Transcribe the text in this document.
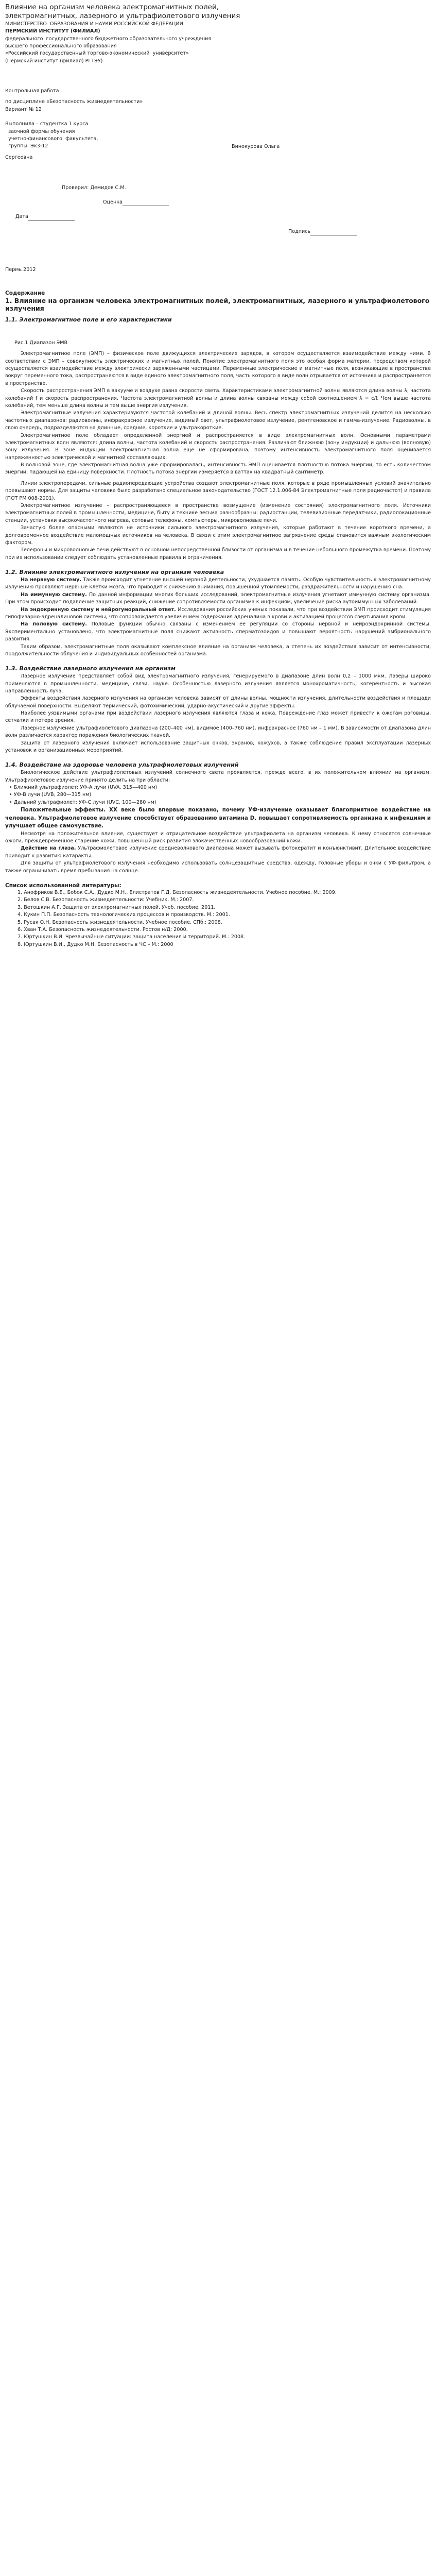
Влияние на организм человека электромагнитных полей,

электромагнитных, лазерного и ультрафиолетового излучения

МИНИСТЕРСТВО  ОБРАЗОВАНИЯ И НАУКИ РОССИЙСКОЙ ФЕДЕРАЦИИ

ПЕРМСКИЙ ИНСТИТУТ (ФИЛИАЛ)

федерального  государственного бюджетного образовательного учреждения

высшего профессионального образования

«Российский государственный торгово-экономический  университет»

(Пермский институт (филиал) РГТЭУ)

Контрольная работа

по дисциплине «Безопасность жизнедеятельности»

Вариант № 12

Выполнила – студентка 1 курса

заочной формы обучения

учетно-финансового  факультета,

группы  Эк3-12	Винокурова Ольга

Сергеевна

Проверил: Демидов С.М.

Оценка

Дата

Подпись

Пермь 2012

Содержание

1. Влияние на организм человека электромагнитных полей, электромагнитных, лазерного и ультрафиолетового излучения

1.1. Электромагнитное поле и его характеристики

Рис.1 Диапазон ЭМВ

Электромагнитное поле (ЭМП) – физическое поле движущихся электрических зарядов, в котором осуществляется взаимодействие между ними. В соответствии с ЭМП – совокупность электрических и магнитных полей. Понятие электромагнитного поля это особая форма материи, посредством которой осуществляется взаимодействие между электрически заряженными частицами. Переменные электрические и магнитные поля, возникающие в пространстве вокруг переменного тока, распространяются в виде единого электромагнитного поля, часть которого в виде волн отрывается от источника и распространяется в пространстве.

Скорость распространения ЭМП в вакууме и воздухе равна скорости света. Характеристиками электромагнитной волны являются длина волны λ, частота колебаний f и скорость распространения. Частота электромагнитной волны и длина волны связаны между собой соотношением λ = c/f. Чем выше частота колебаний, тем меньше длина волны и тем выше энергия излучения.

Электромагнитные излучения характеризуются частотой колебаний и длиной волны. Весь спектр электромагнитных излучений делится на несколько частотных диапазонов: радиоволны, инфракрасное излучение, видимый свет, ультрафиолетовое излучение, рентгеновское и гамма-излучение. Радиоволны, в свою очередь, подразделяются на длинные, средние, короткие и ультракороткие.

Электромагнитное поле обладает определенной энергией и распространяется в виде электромагнитных волн. Основными параметрами электромагнитных волн являются: длина волны, частота колебаний и скорость распространения. Различают ближнюю (зону индукции) и дальнюю (волновую) зону излучения. В зоне индукции электромагнитная волна еще не сформирована, поэтому интенсивность электромагнитного поля оценивается напряженностью электрической и магнитной составляющих.

В волновой зоне, где электромагнитная волна уже сформировалась, интенсивность ЭМП оценивается плотностью потока энергии, то есть количеством энергии, падающей на единицу поверхности. Плотность потока энергии измеряется в ваттах на квадратный сантиметр.

Линии электропередачи, сильные радиопередающие устройства создают электромагнитные поля, которые в ряде промышленных условий значительно превышают нормы. Для защиты человека было разработано специальное законодательство (ГОСТ 12.1.006-84 Электромагнитные поля радиочастот) и правила (ПОТ РМ 008-2001).

Электромагнитное излучение – распространяющееся в пространстве возмущение (изменение состояния) электромагнитного поля. Источники электромагнитных полей в промышленности, медицине, быту и технике весьма разнообразны: радиостанции, телевизионные передатчики, радиолокационные станции, установки высокочастотного нагрева, сотовые телефоны, компьютеры, микроволновые печи.

Зачастую более опасными являются не источники сильного электромагнитного излучения, которые работают в течение короткого времени, а долговременное воздействие маломощных источников на человека. В связи с этим электромагнитное загрязнение среды становится важным экологическим фактором.

Телефоны и микроволновые печи действуют в основном непосредственной близости от организма и в течение небольшого промежутка времени. Поэтому при их использовании следует соблюдать установленные правила и ограничения.

1.2. Влияние электромагнитного излучения на организм человека

На нервную систему. Также происходит угнетение высшей нервной деятельности, ухудшается память. Особую чувствительность к электромагнитному излучению проявляют нервные клетки мозга, что приводит к снижению внимания, повышенной утомляемости, раздражительности и нарушению сна.

На иммунную систему. По данной информации многих больших исследований, электромагнитные излучения угнетают иммунную систему организма. При этом происходит подавление защитных реакций, снижение сопротивляемости организма к инфекциям, увеличение риска аутоиммунных заболеваний.

На эндокринную систему и нейрогуморальный ответ. Исследования российских ученых показали, что при воздействии ЭМП происходит стимуляция гипофизарно-адреналиновой системы, что сопровождается увеличением содержания адреналина в крови и активацией процессов свертывания крови.

На половую систему. Половые функции обычно связаны с изменением ее регуляции со стороны нервной и нейроэндокринной системы. Экспериментально установлено, что электромагнитные поля снижают активность сперматозоидов и повышают вероятность нарушений эмбрионального развития.

Таким образом, электромагнитные поля оказывают комплексное влияние на организм человека, а степень их воздействия зависит от интенсивности, продолжительности облучения и индивидуальных особенностей организма.

1.3. Воздействие лазерного излучения на организм

Лазерное излучение представляет собой вид электромагнитного излучения, генерируемого в диапазоне длин волн 0,2 – 1000 мкм. Лазеры широко применяются в промышленности, медицине, связи, науке. Особенностью лазерного излучения является монохроматичность, когерентность и высокая направленность луча.

Эффекты воздействия лазерного излучения на организм человека зависят от длины волны, мощности излучения, длительности воздействия и площади облучаемой поверхности. Выделяют термический, фотохимический, ударно-акустический и другие эффекты.

Наиболее уязвимыми органами при воздействии лазерного излучения являются глаза и кожа. Повреждение глаз может привести к ожогам роговицы, сетчатки и потере зрения.

Лазерное излучение ультрафиолетового диапазона (200–400 нм), видимое (400–760 нм), инфракрасное (760 нм – 1 мм). В зависимости от диапазона длин волн различается характер поражения биологических тканей.

Защита от лазерного излучения включает использование защитных очков, экранов, кожухов, а также соблюдение правил эксплуатации лазерных установок и организационных мероприятий.

1.4. Воздействие на здоровье человека ультрафиолетовых излучений

Биологическое действие ультрафиолетовых излучений солнечного света проявляется, прежде всего, в их положительном влиянии на организм. Ультрафиолетовое излучение принято делить на три области:

• Ближний ультрафиолет: УФ-А лучи (UVA, 315—400 нм)

• УФ-В лучи (UVB, 280—315 нм)

• Дальний ультрафиолет: УФ-С лучи (UVC, 100—280 нм)

Положительные эффекты. ХХ веке было впервые показано, почему УФ-излучение оказывает благоприятное воздействие на человека. Ультрафиолетовое излучение способствует образованию витамина D, повышает сопротивляемость организма к инфекциям и улучшает общее самочувствие.

Несмотря на положительное влияние, существует и отрицательное воздействие ультрафиолета на организм человека. К нему относятся солнечные ожоги, преждевременное старение кожи, повышенный риск развития злокачественных новообразований кожи.

Действие на глаза. Ультрафиолетовое излучение средневолнового диапазона может вызывать фотокератит и конъюнктивит. Длительное воздействие приводит к развитию катаракты.

Для защиты от ультрафиолетового излучения необходимо использовать солнцезащитные средства, одежду, головные уборы и очки с УФ-фильтром, а также ограничивать время пребывания на солнце.

Список использованной литературы:

1. Анофриков В.Е., Бобок С.А., Дудко М.Н., Елистратов Г.Д. Безопасность жизнедеятельности. Учебное пособие. М.: 2009.

2. Белов С.В. Безопасность жизнедеятельности: Учебник. М.: 2007.

3. Ветошкин А.Г. Защита от электромагнитных полей. Учеб. пособие. 2011.

4. Кукин П.П. Безопасность технологических процессов и производств. М.: 2001.

5. Русак О.Н. Безопасность жизнедеятельности. Учебное пособие. СПб.: 2008.

6. Хван Т.А. Безопасность жизнедеятельности. Ростов н/Д: 2000.

7. Юртушкин В.И. Чрезвычайные ситуации: защита населения и территорий. М.: 2008.

8. Юртушкин В.И., Дудко М.Н. Безопасность в ЧС – М.: 2000
